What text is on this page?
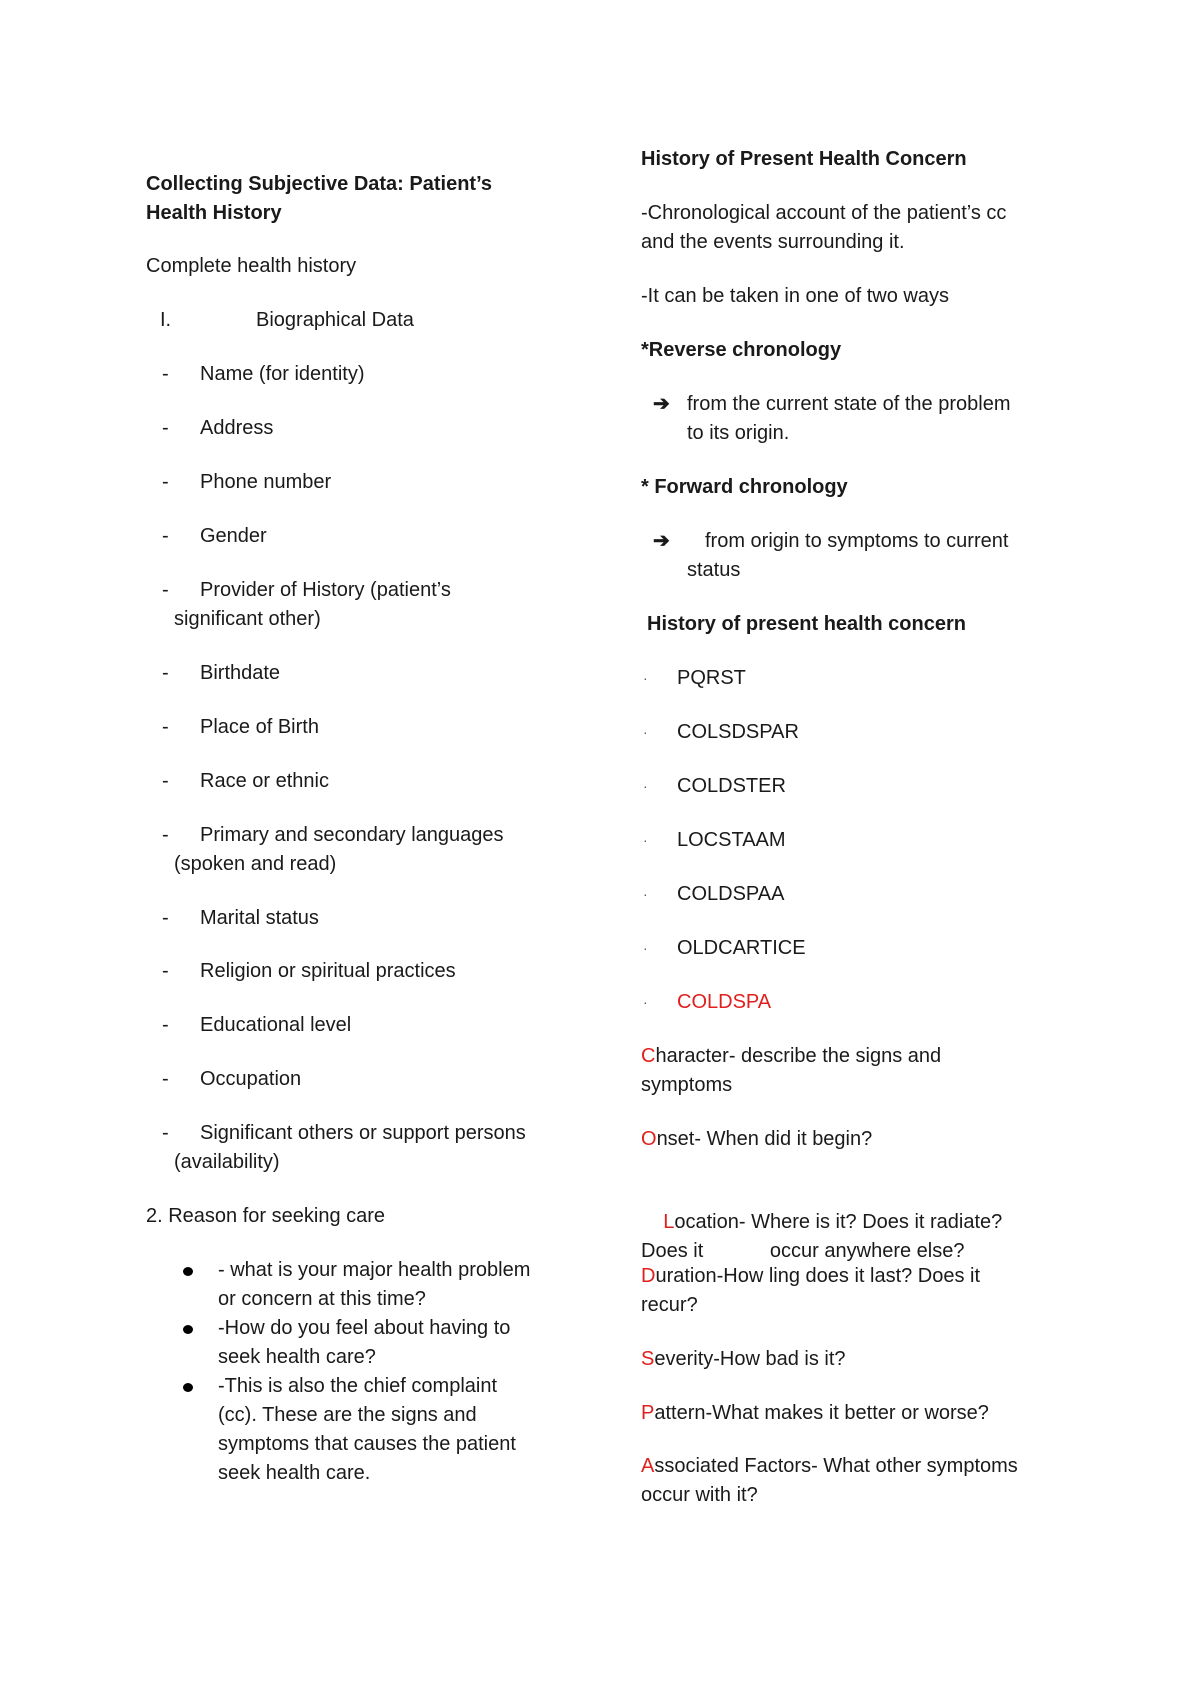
Collecting Subjective Data: Patient’s
Health History

Complete health history

I.	Biographical Data
-	Name (for identity)
-	Address
-	Phone number
-	Gender
-	Provider of History (patient’s
significant other)
-	Birthdate
-	Place of Birth
-	Race or ethnic
-	Primary and secondary languages
(spoken and read)
-	Marital status
-	Religion or spiritual practices
-	Educational level
-	Occupation
-	Significant others or support persons
(availability)

2. Reason for seeking care

- what is your major health problem
or concern at this time?
-How do you feel about having to
seek health care?
-This is also the chief complaint
(cc). These are the signs and
symptoms that causes the patient
seek health care.

History of Present Health Concern

-Chronological account of the patient’s cc
and the events surrounding it.

-It can be taken in one of two ways

*Reverse chronology

➔ from the current state of the problem
to its origin.

* Forward chronology

➔	from origin to symptoms to current
status

History of present health concern

·	PQRST
·	COLSDSPAR
·	COLDSTER
·	LOCSTAAM
·	COLDSPAA
·	OLDCARTICE
·	COLDSPA
Character- describe the signs and
symptoms
Onset- When did it begin?

Location- Where is it? Does it radiate?
Does it            occur anywhere else?

Duration-How ling does it last? Does it
recur?
Severity-How bad is it?
Pattern-What makes it better or worse?
Associated Factors- What other symptoms
occur with it?
